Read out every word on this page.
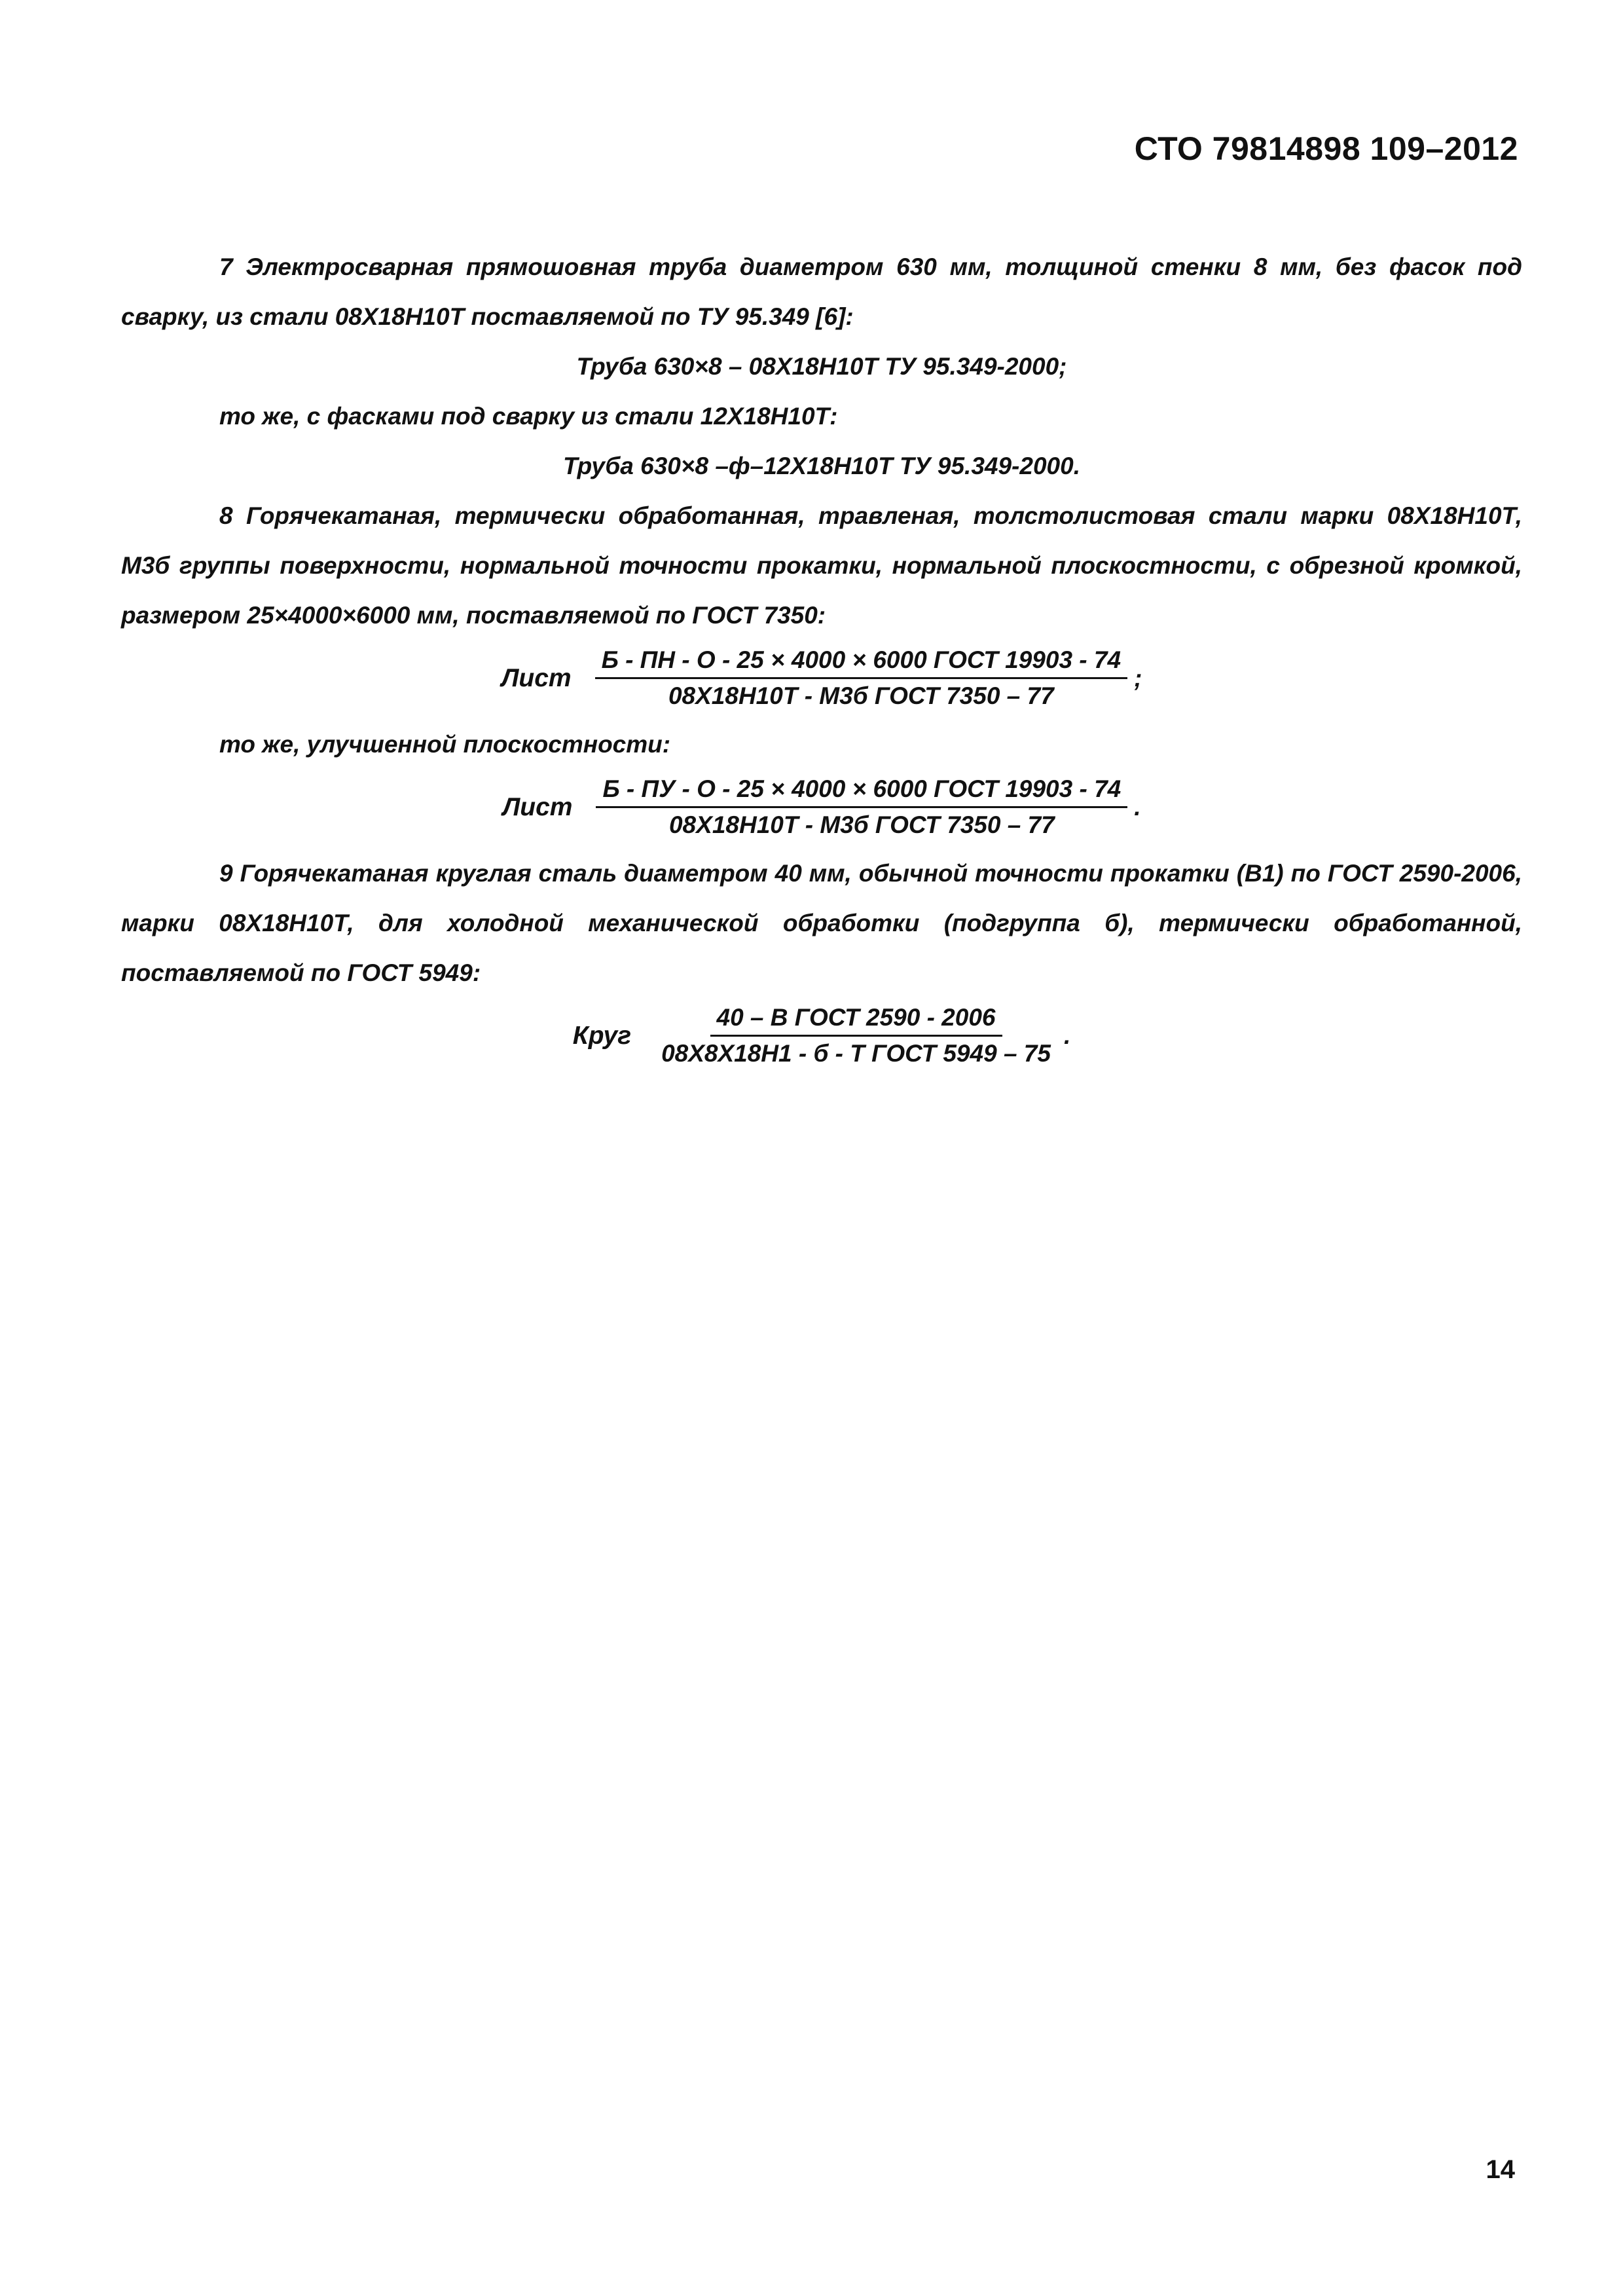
СТО 79814898 109–2012

7 Электросварная прямошовная труба диаметром 630 мм, толщиной стенки 8 мм, без фасок под сварку, из стали 08Х18Н10Т поставляемой по ТУ 95.349 [6]:

Труба 630×8 – 08Х18Н10Т ТУ 95.349-2000;

то же, с фасками под сварку из стали 12Х18Н10Т:

Труба 630×8 –ф–12Х18Н10Т ТУ 95.349-2000.

8 Горячекатаная, термически обработанная, травленая, толстолистовая стали марки 08Х18Н10Т, М3б группы поверхности, нормальной точности прокатки, нормальной плоскостности, с обрезной кромкой, размером 25×4000×6000 мм, поставляемой по ГОСТ 7350:

Лист $\frac{\text{Б - ПН - О - 25 × 4000 × 6000 ГОСТ 19903 - 74}}{\text{08Х18Н10Т - М3б ГОСТ 7350 – 77}}$ ;

то же, улучшенной плоскостности:

Лист $\frac{\text{Б - ПУ - О - 25 × 4000 × 6000 ГОСТ 19903 - 74}}{\text{08Х18Н10Т - М3б ГОСТ 7350 – 77}}$ .

9 Горячекатаная круглая сталь диаметром 40 мм, обычной точности прокатки (В1) по ГОСТ 2590-2006, марки 08Х18Н10Т, для холодной механической обработки (подгруппа б), термически обработанной, поставляемой по ГОСТ 5949:

Круг $\frac{\text{40 – В ГОСТ 2590 - 2006}}{\text{08Х8Х18Н1 - б - Т ГОСТ 5949 – 75}}$ .
14
